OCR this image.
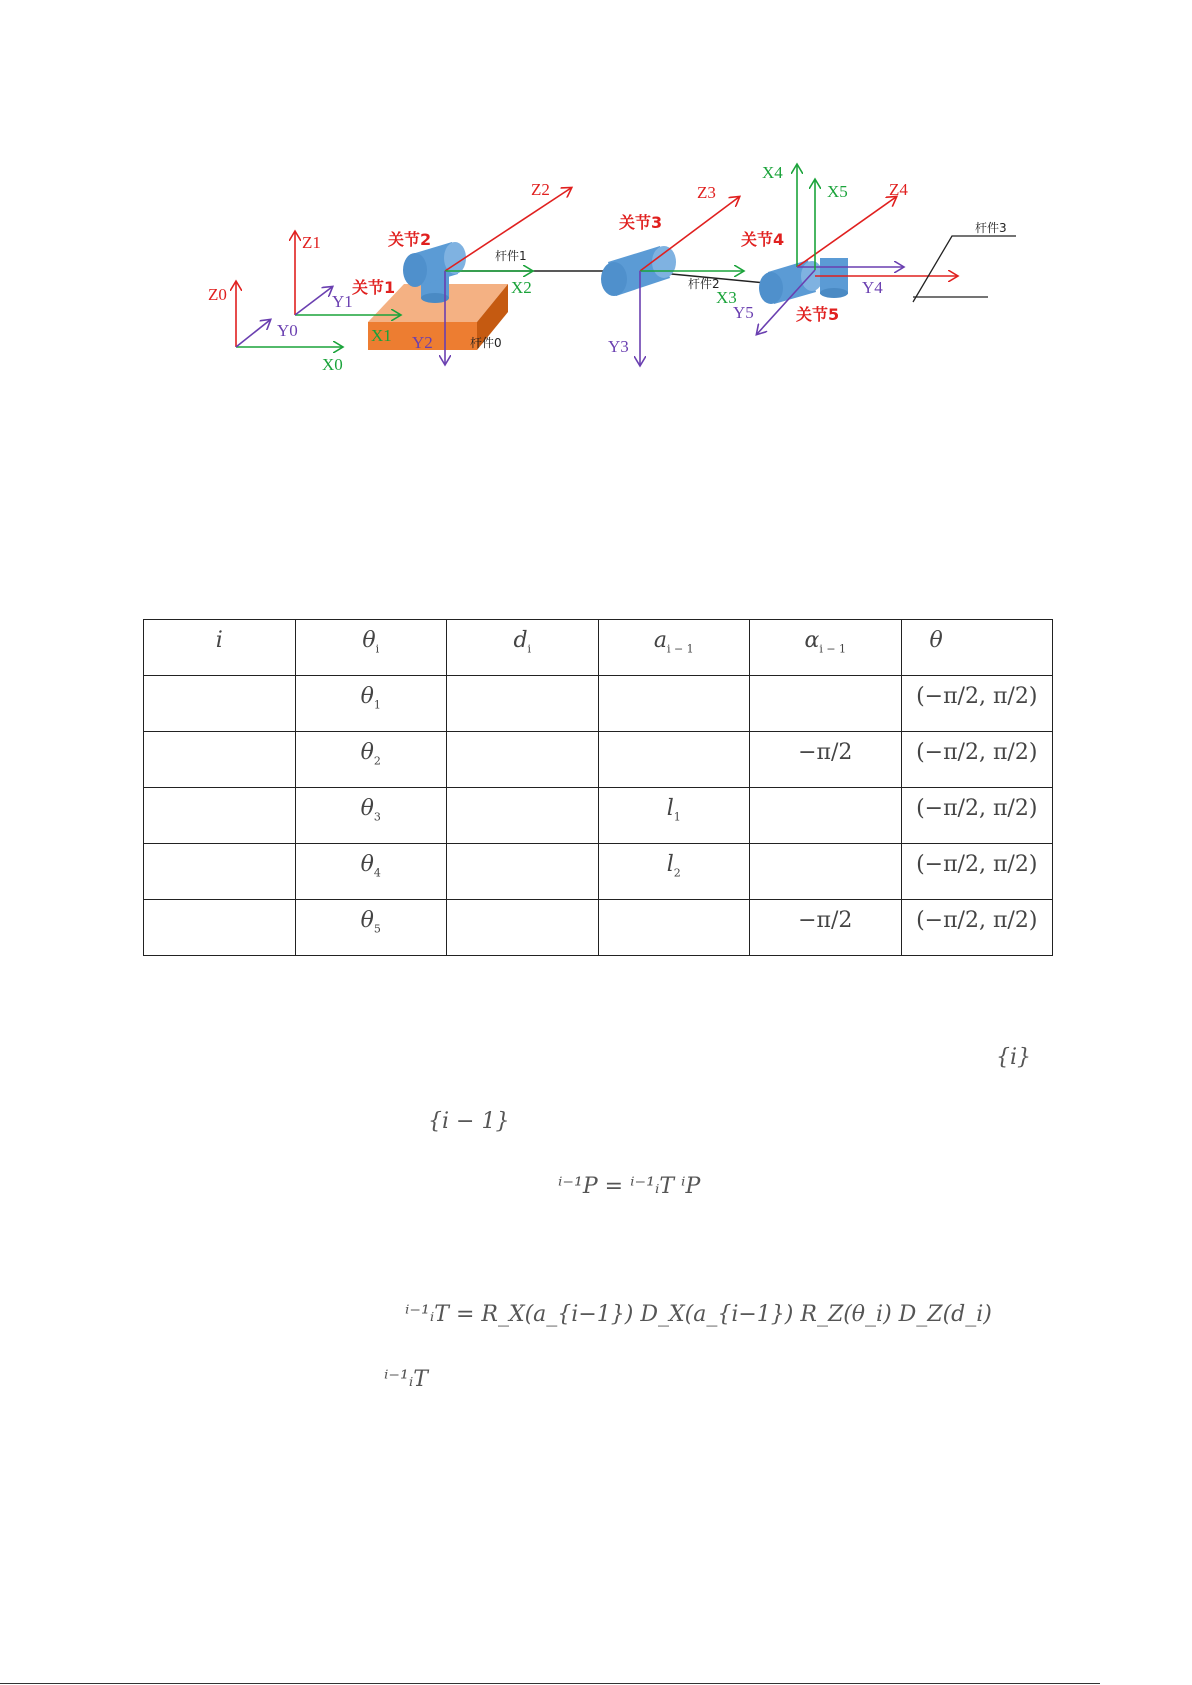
Z0
Y0
X0
Z1
Y1
X1
Z2
X2
Y2
Z3
X3
Y3
X4
X5 Z4
Y4
Y5
关节1
关节2
关节3
关节4
关节5
杆件0
杆件1
杆件2
杆件3
i	$\theta_i$	$d_i$	$a_{i - 1}$	$\alpha_{i - 1}$	θ

	$\theta_1$				(−π/2, π/2)

	$\theta_2$			−π/2	(−π/2, π/2)

	$\theta_3$		$l_1$		(−π/2, π/2)

	$\theta_4$		$l_2$		(−π/2, π/2)

	$\theta_5$			−π/2	(−π/2, π/2)
{i}
{i − 1}
ⁱ⁻¹P = ⁱ⁻¹ᵢT ⁱP
ⁱ⁻¹ᵢT = R_X(a_{i−1}) D_X(a_{i−1}) R_Z(θ_i) D_Z(d_i)
ⁱ⁻¹ᵢT
